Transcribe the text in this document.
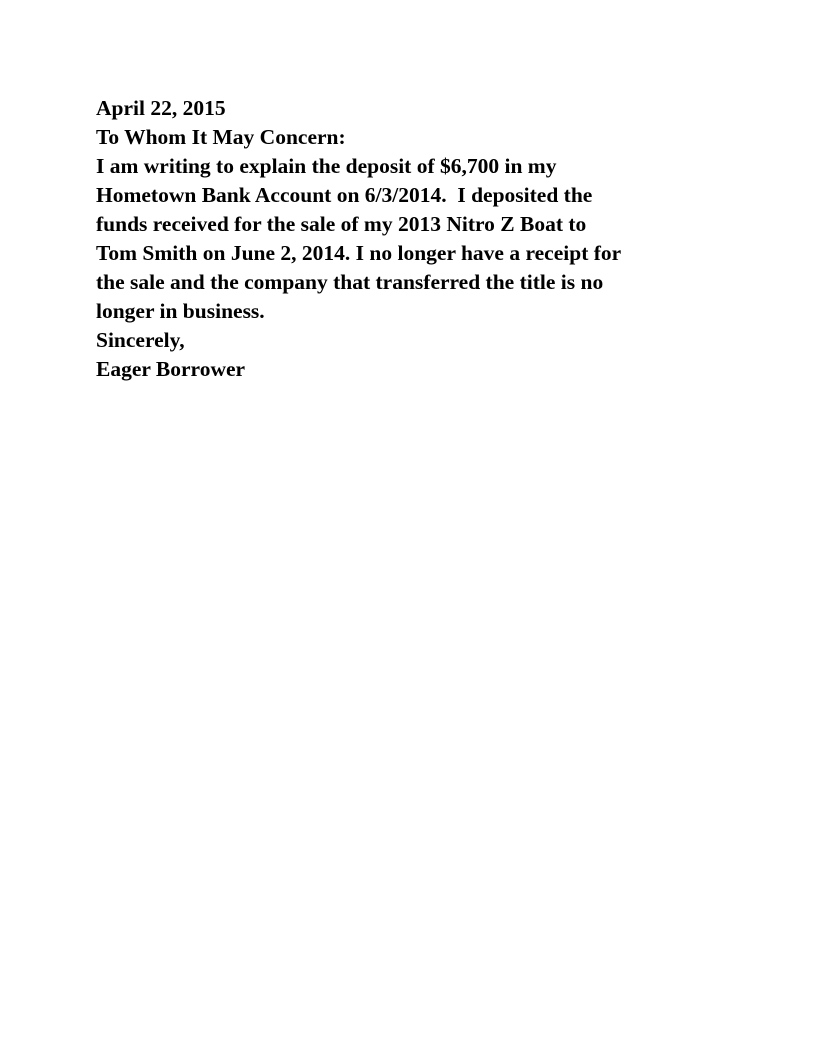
April 22, 2015

To Whom It May Concern:

I am writing to explain the deposit of $6,700 in my
Hometown Bank Account on 6/3/2014.  I deposited the
funds received for the sale of my 2013 Nitro Z Boat to
Tom Smith on June 2, 2014. I no longer have a receipt for
the sale and the company that transferred the title is no
longer in business.

Sincerely,
Eager Borrower
